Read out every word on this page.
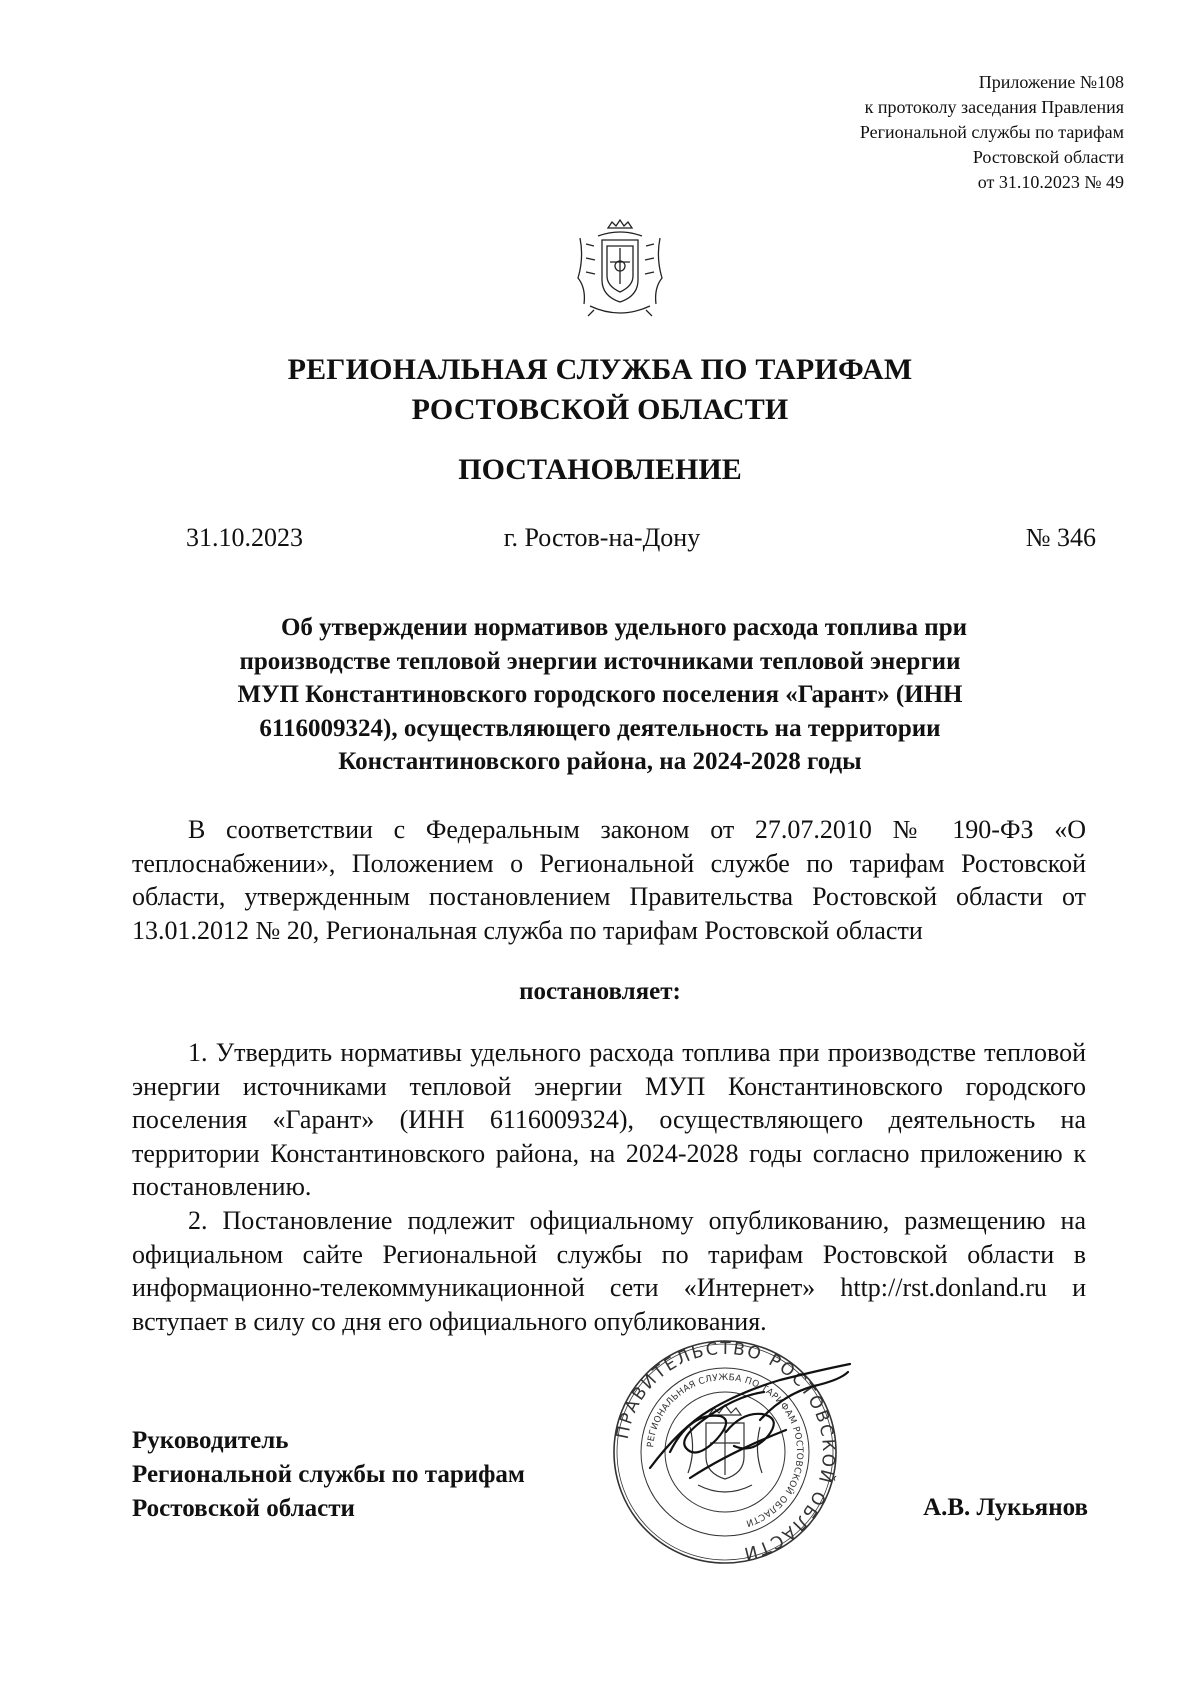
Приложение №108
к протоколу заседания Правления
Региональной службы по тарифам
Ростовской области
от 31.10.2023 № 49
РЕГИОНАЛЬНАЯ СЛУЖБА ПО ТАРИФАМ
РОСТОВСКОЙ ОБЛАСТИ
ПОСТАНОВЛЕНИЕ
31.10.2023	г. Ростов-на-Дону	№ 346
Об утверждении нормативов удельного расхода топлива при
производстве тепловой энергии источниками тепловой энергии
МУП Константиновского городского поселения «Гарант» (ИНН
6116009324), осуществляющего деятельность на территории
Константиновского района, на 2024-2028 годы
В соответствии с Федеральным законом от 27.07.2010 № 190-ФЗ «О теплоснабжении», Положением о Региональной службе по тарифам Ростовской области, утвержденным постановлением Правительства Ростовской области от 13.01.2012 № 20, Региональная служба по тарифам Ростовской области
постановляет:
1. Утвердить нормативы удельного расхода топлива при производстве тепловой энергии источниками тепловой энергии МУП Константиновского городского поселения «Гарант» (ИНН 6116009324), осуществляющего деятельность на территории Константиновского района, на 2024-2028 годы согласно приложению к постановлению.
2. Постановление подлежит официальному опубликованию, размещению на официальном сайте Региональной службы по тарифам Ростовской области в информационно-телекоммуникационной сети «Интернет» http://rst.donland.ru и вступает в силу со дня его официального опубликования.
Руководитель
Региональной службы по тарифам
Ростовской области	А.В. Лукьянов
ПРАВИТЕЛЬСТВО РОСТОВСКОЙ ОБЛАСТИ
РЕГИОНАЛЬНАЯ СЛУЖБА ПО ТАРИФАМ РОСТОВСКОЙ ОБЛАСТИ
